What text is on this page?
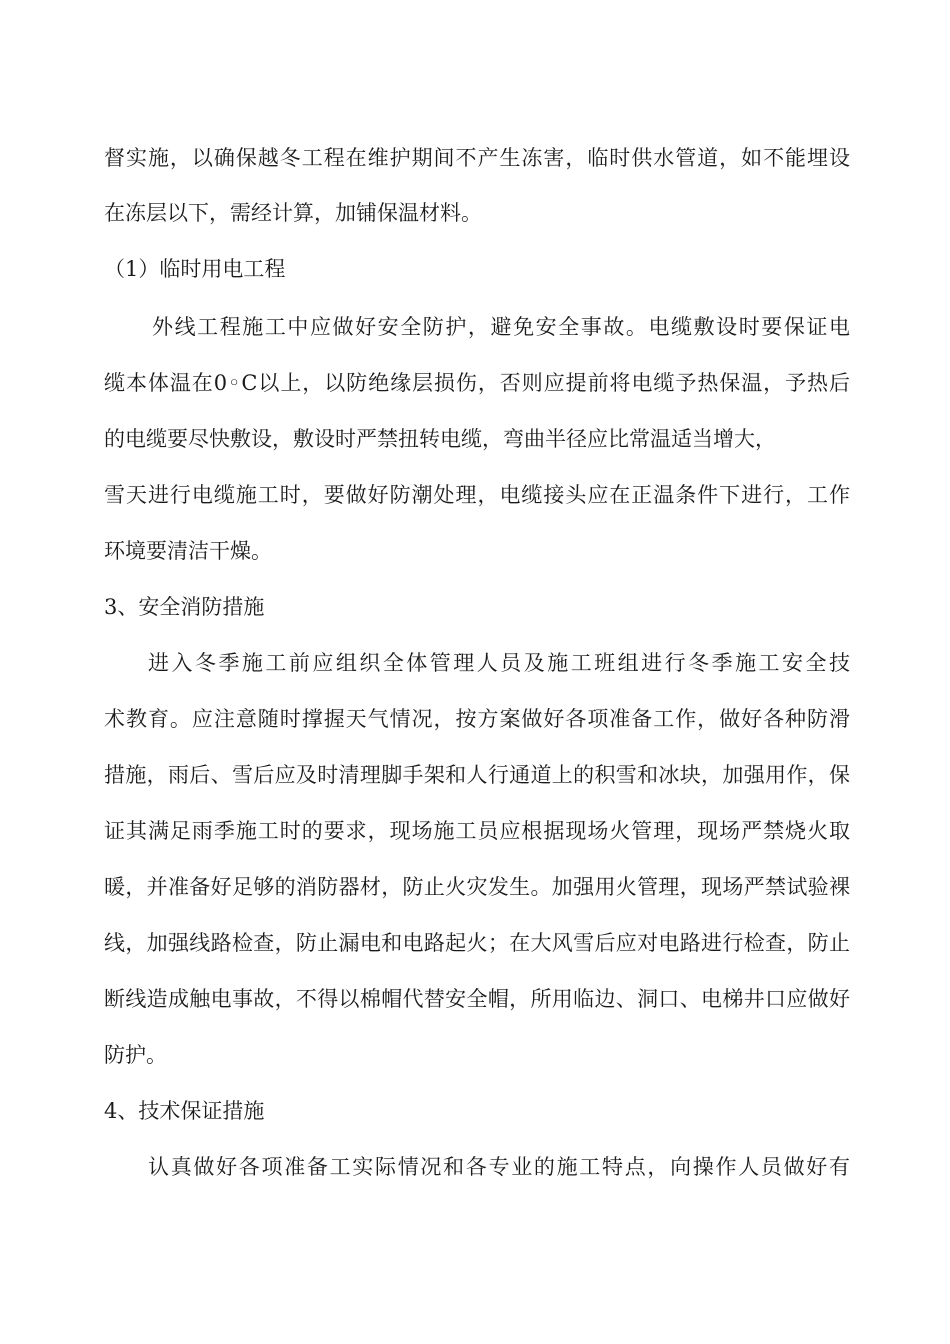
督实施，以确保越冬工程在维护期间不产生冻害，临时供水管道，如不能埋设
在冻层以下，需经计算，加铺保温材料。
（1）临时用电工程
外线工程施工中应做好安全防护，避免安全事故。电缆敷设时要保证电
缆本体温在0◦C以上，以防绝缘层损伤，否则应提前将电缆予热保温，予热后
的电缆要尽快敷设，敷设时严禁扭转电缆，弯曲半径应比常温适当增大，
雪天进行电缆施工时，要做好防潮处理，电缆接头应在正温条件下进行，工作
环境要清洁干燥。
3、安全消防措施
进入冬季施工前应组织全体管理人员及施工班组进行冬季施工安全技
术教育。应注意随时撑握天气情况，按方案做好各项准备工作，做好各种防滑
措施，雨后、雪后应及时清理脚手架和人行通道上的积雪和冰块，加强用作，保
证其满足雨季施工时的要求，现场施工员应根据现场火管理，现场严禁烧火取
暖，并准备好足够的消防器材，防止火灾发生。加强用火管理，现场严禁试验裸
线，加强线路检查，防止漏电和电路起火；在大风雪后应对电路进行检查，防止
断线造成触电事故，不得以棉帽代替安全帽，所用临边、洞口、电梯井口应做好
防护。
4、技术保证措施
认真做好各项准备工实际情况和各专业的施工特点，向操作人员做好有
